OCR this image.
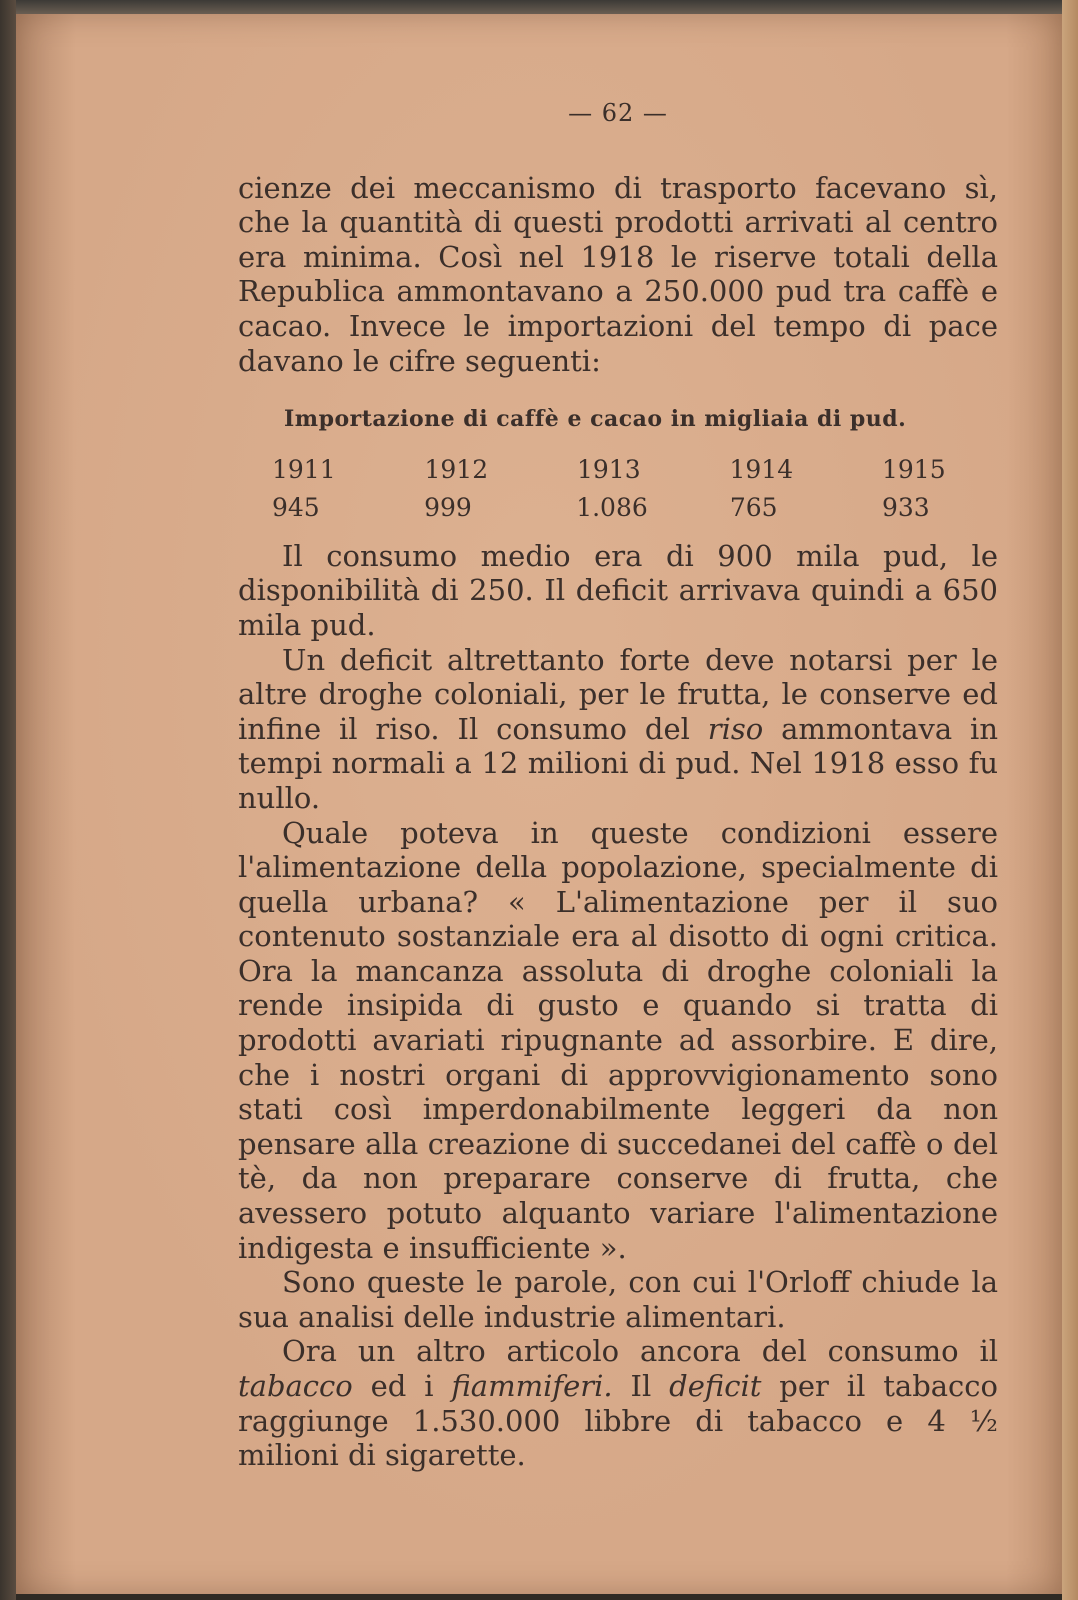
— 62 —

cienze dei meccanismo di trasporto facevano sì, che la quantità di questi prodotti arrivati al centro era minima. Così nel 1918 le riserve totali della Republica ammontavano a 250.000 pud tra caffè e cacao. Invece le importazioni del tempo di pace davano le cifre seguenti:

Importazione di caffè e cacao in migliaia di pud.
1911	1912	1913	1914	1915
945	999	1.086	765	933

Il consumo medio era di 900 mila pud, le disponibilità di 250. Il deficit arrivava quindi a 650 mila pud.

Un deficit altrettanto forte deve notarsi per le altre droghe coloniali, per le frutta, le conserve ed infine il riso. Il consumo del riso ammontava in tempi normali a 12 milioni di pud. Nel 1918 esso fu nullo.

Quale poteva in queste condizioni essere l'alimentazione della popolazione, specialmente di quella urbana? « L'alimentazione per il suo contenuto sostanziale era al disotto di ogni critica. Ora la mancanza assoluta di droghe coloniali la rende insipida di gusto e quando si tratta di prodotti avariati ripugnante ad assorbire. E dire, che i nostri organi di approvvigionamento sono stati così imperdonabilmente leggeri da non pensare alla creazione di succedanei del caffè o del tè, da non preparare conserve di frutta, che avessero potuto alquanto variare l'alimentazione indigesta e insufficiente ».

Sono queste le parole, con cui l'Orloff chiude la sua analisi delle industrie alimentari.

Ora un altro articolo ancora del consumo il tabacco ed i fiammiferi. Il deficit per il tabacco raggiunge 1.530.000 libbre di tabacco e 4 ½ milioni di sigarette.
